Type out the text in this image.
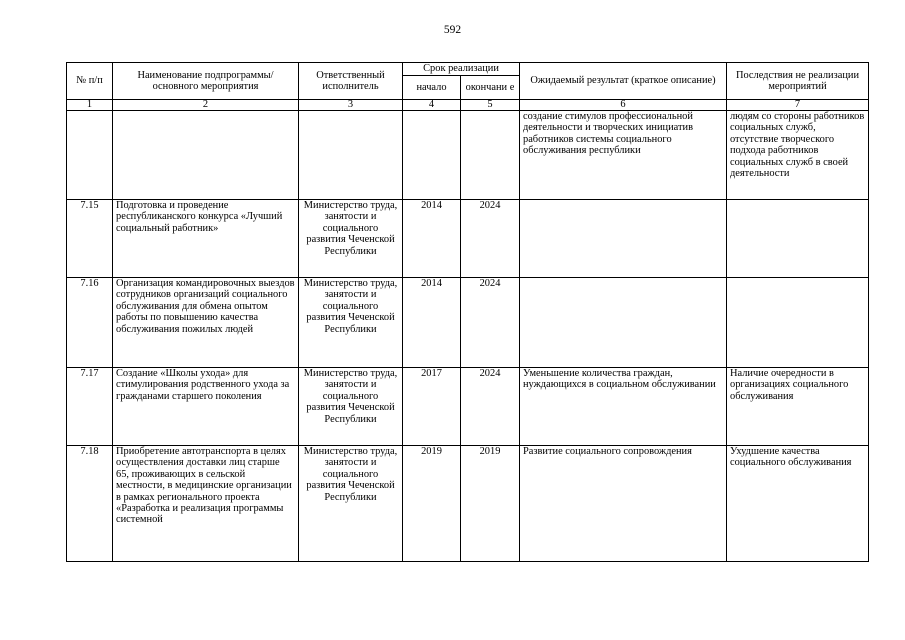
592
№ п/п	Наименование подпрограммы/ основного мероприятия	Ответственный исполнитель	Срок реализации		Ожидаемый результат (краткое описание)	Последствия не реализации мероприятий
			начало	окончани е		
1	2	3	4	5	6	7
					создание стимулов профессиональной деятельности и творческих инициатив работников системы социального обслуживания республики	людям со стороны работников социальных служб, отсутствие творческого подхода работников социальных служб в своей деятельности
7.15	Подготовка и проведение республиканского конкурса «Лучший социальный работник»	Министерство труда, занятости и социального развития Чеченской Республики	2014	2024		
7.16	Организация командировочных выездов сотрудников организаций социального обслуживания для обмена опытом работы по повышению качества обслуживания пожилых людей	Министерство труда, занятости и социального развития Чеченской Республики	2014	2024		
7.17	Создание «Школы ухода» для стимулирования родственного ухода за гражданами старшего поколения	Министерство труда, занятости и социального развития Чеченской Республики	2017	2024	Уменьшение количества граждан, нуждающихся в социальном обслуживании	Наличие очередности в организациях социального обслуживания
7.18	Приобретение автотранспорта в целях осуществления доставки лиц старше 65, проживающих в сельской местности, в медицинские организации в рамках регионального проекта «Разработка и реализация программы системной	Министерство труда, занятости и социального развития Чеченской Республики	2019	2019	Развитие социального сопровождения	Ухудшение качества социального обслуживания
